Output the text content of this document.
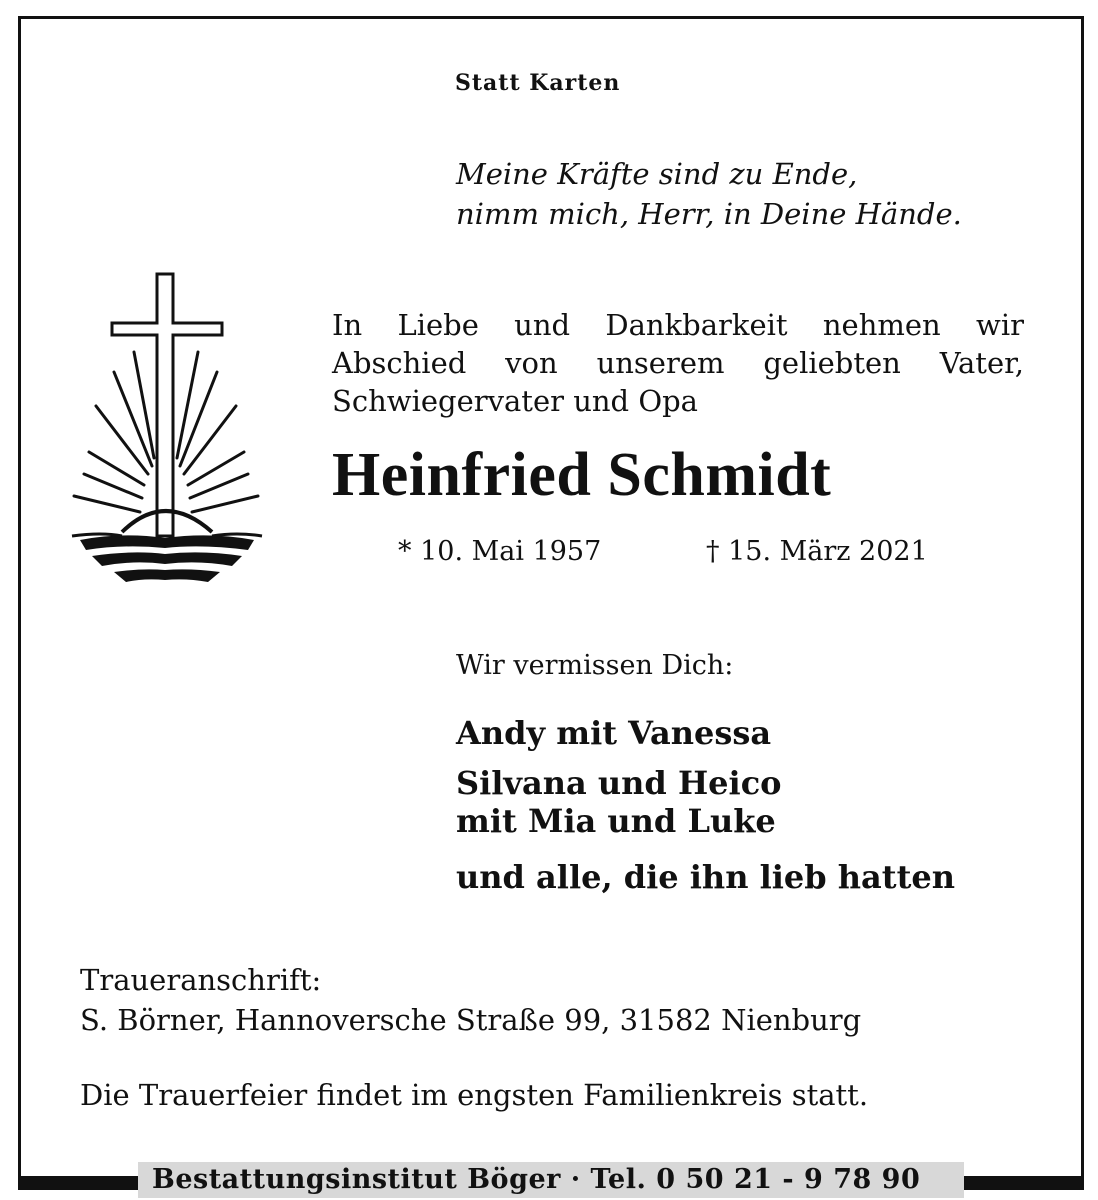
Statt Karten
Meine Kräfte sind zu Ende,
nimm mich, Herr, in Deine Hände.
In Liebe und Dankbarkeit nehmen wir
Abschied von unserem geliebten Vater,
Schwiegervater und Opa
Heinfried Schmidt
* 10. Mai 1957	† 15. März 2021
Wir vermissen Dich:
Andy mit Vanessa
Silvana und Heico
mit Mia und Luke
und alle, die ihn lieb hatten
Traueranschrift:
S. Börner, Hannoversche Straße 99, 31582 Nienburg
Die Trauerfeier findet im engsten Familienkreis statt.
Bestattungsinstitut Böger · Tel. 0 50 21 - 9 78 90
